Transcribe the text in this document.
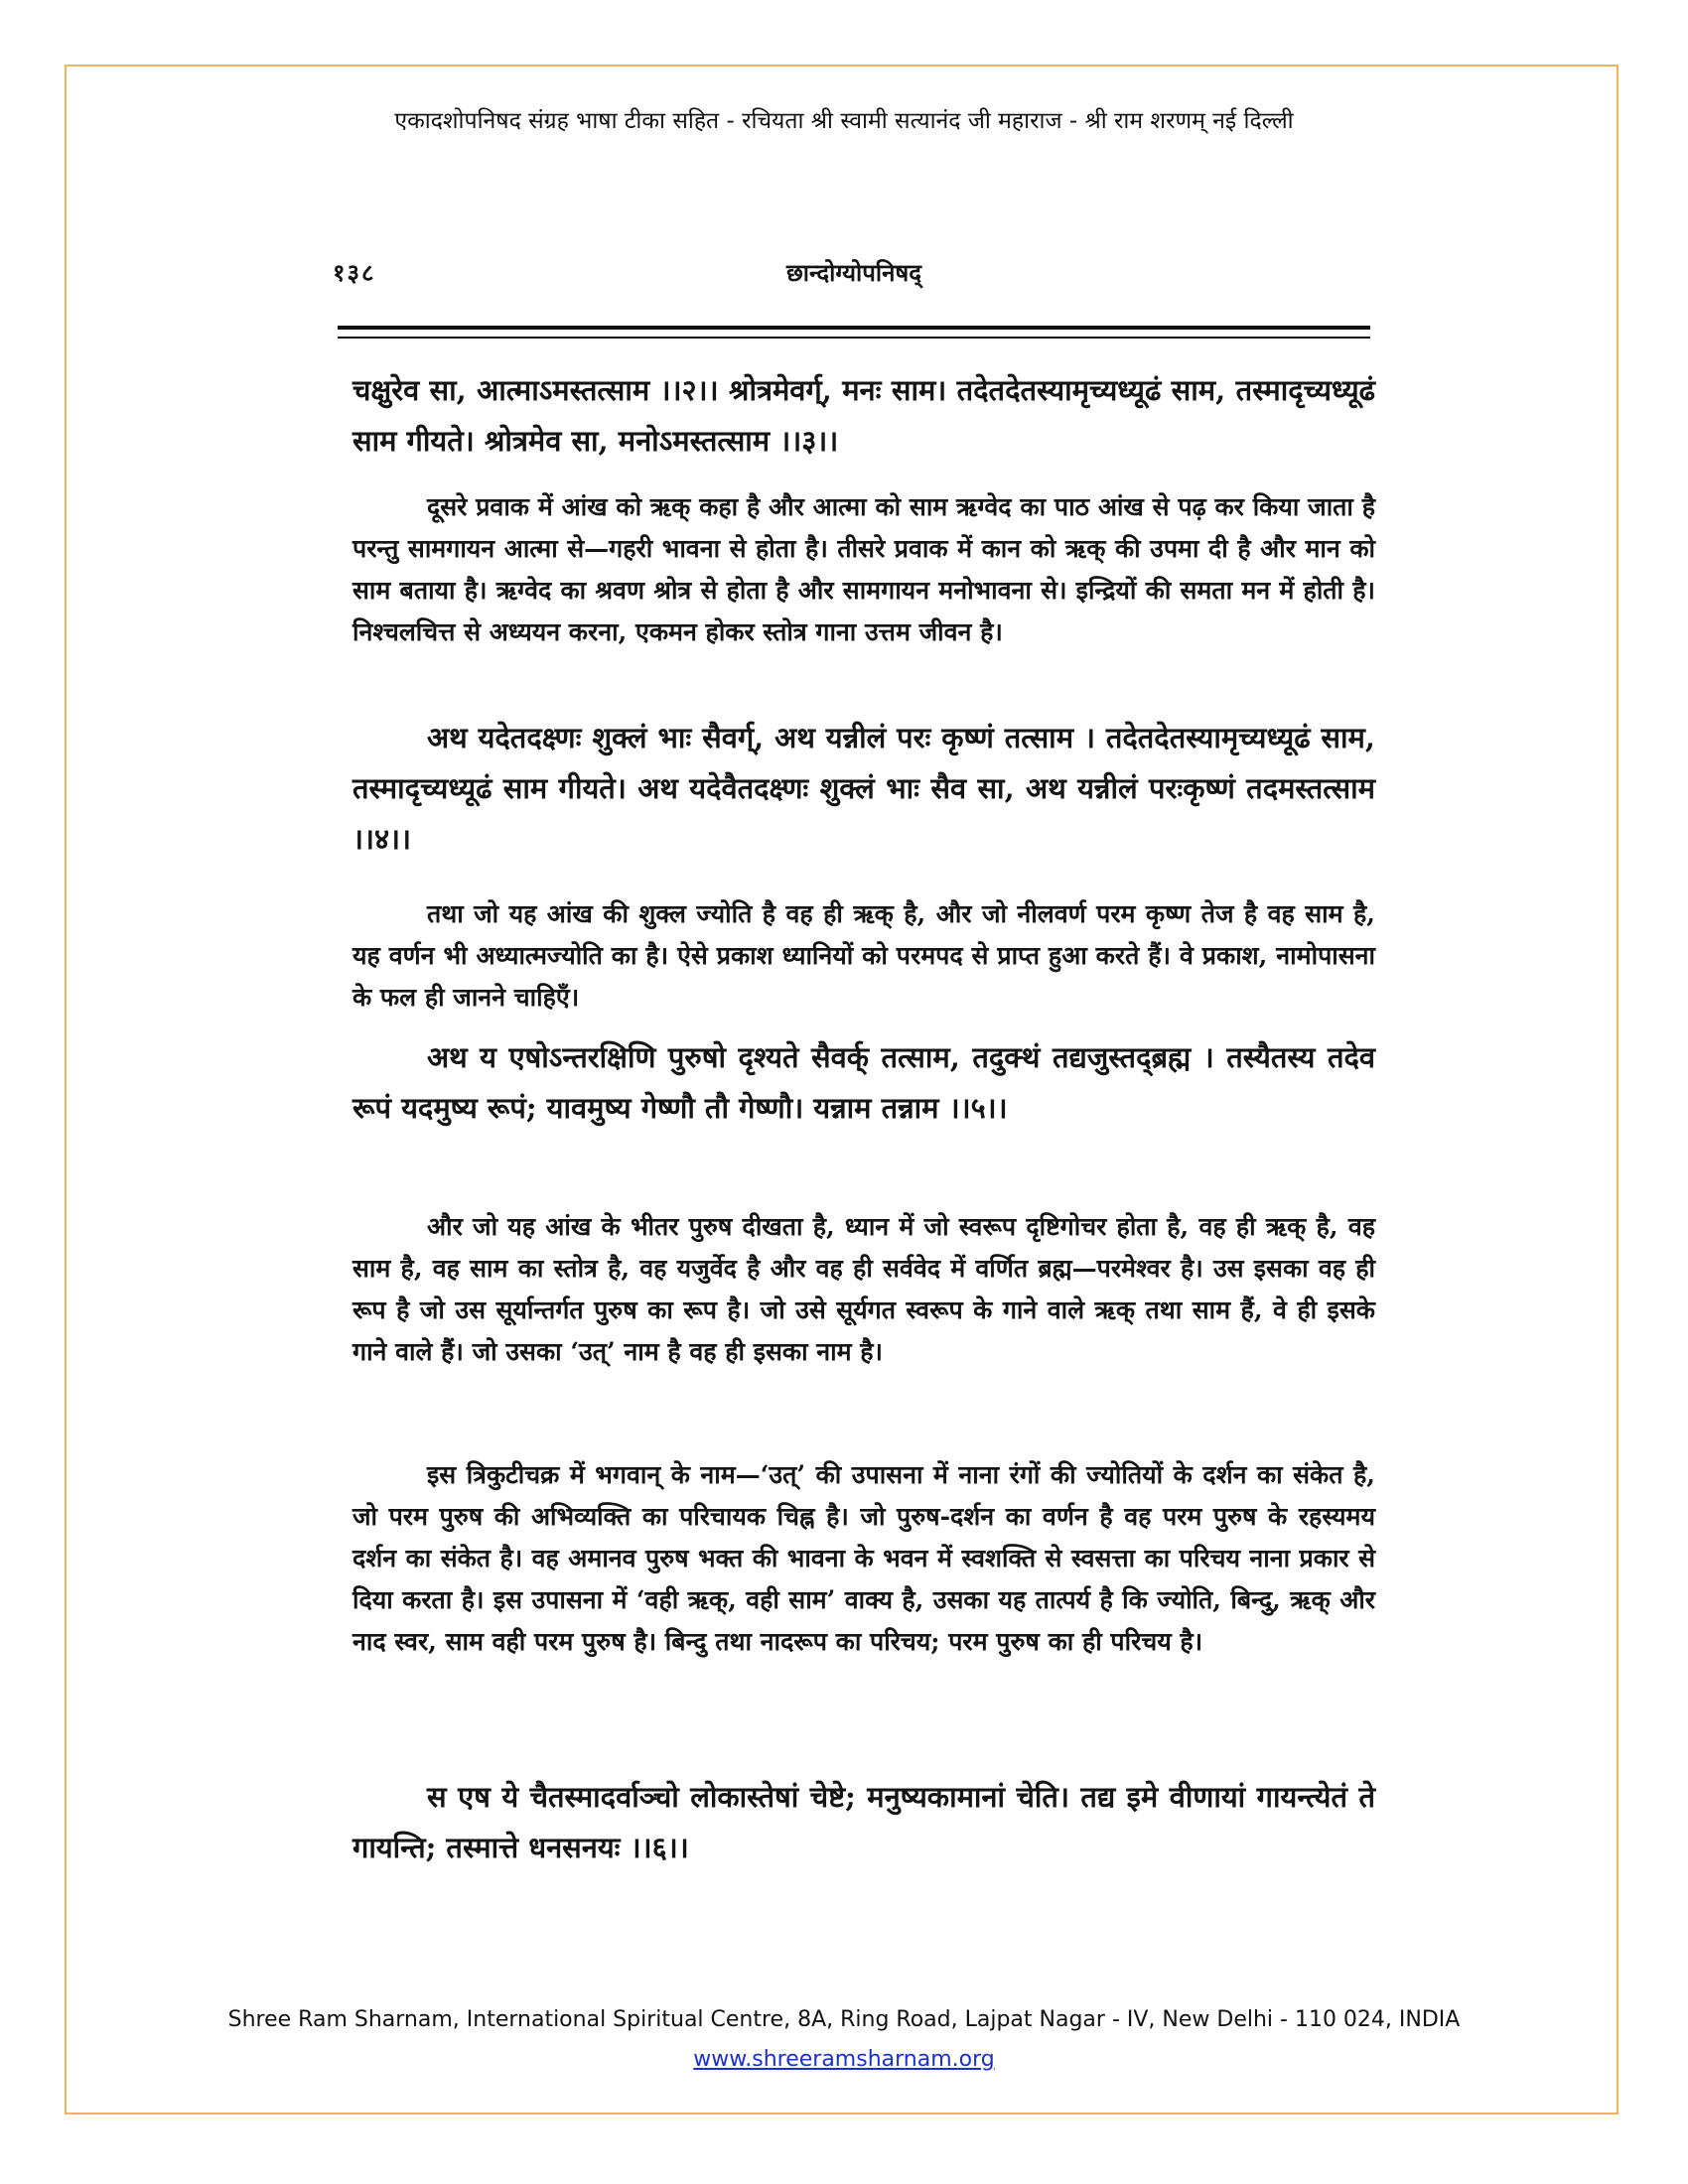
एकादशोपनिषद संग्रह भाषा टीका सहित - रचियता श्री स्वामी सत्यानंद जी महाराज - श्री राम शरणम् नई दिल्ली
१३८	छान्दोग्योपनिषद्

चक्षुरेव सा, आत्माऽमस्तत्साम ।।२।। श्रोत्रमेवर्ग्, मनः साम। तदेतदेतस्यामृच्यध्यूढं साम, तस्मादृच्यध्यूढं साम गीयते। श्रोत्रमेव सा, मनोऽमस्तत्साम ।।३।।

दूसरे प्रवाक में आंख को ऋक् कहा है और आत्मा को साम ऋग्वेद का पाठ आंख से पढ़ कर किया जाता है परन्तु सामगायन आत्मा से—गहरी भावना से होता है। तीसरे प्रवाक में कान को ऋक् की उपमा दी है और मान को साम बताया है। ऋग्वेद का श्रवण श्रोत्र से होता है और सामगायन मनोभावना से। इन्द्रियों की समता मन में होती है। निश्चलचित्त से अध्ययन करना, एकमन होकर स्तोत्र गाना उत्तम जीवन है।

अथ यदेतदक्ष्णः शुक्लं भाः सैवर्ग्, अथ यन्नीलं परः कृष्णं तत्साम । तदेतदेतस्यामृच्यध्यूढं साम, तस्मादृच्यध्यूढं साम गीयते। अथ यदेवैतदक्ष्णः शुक्लं भाः सैव सा, अथ यन्नीलं परःकृष्णं तदमस्तत्साम ।।४।।

तथा जो यह आंख की शुक्ल ज्योति है वह ही ऋक् है, और जो नीलवर्ण परम कृष्ण तेज है वह साम है, यह वर्णन भी अध्यात्मज्योति का है। ऐसे प्रकाश ध्यानियों को परमपद से प्राप्त हुआ करते हैं। वे प्रकाश, नामोपासना के फल ही जानने चाहिएँ।

अथ य एषोऽन्तरक्षिणि पुरुषो दृश्यते सैवर्क् तत्साम, तदुक्थं तद्यजुस्तद्ब्रह्म । तस्यैतस्य तदेव रूपं यदमुष्य रूपं; यावमुष्य गेष्णौ तौ गेष्णौ। यन्नाम तन्नाम ।।५।।

और जो यह आंख के भीतर पुरुष दीखता है, ध्यान में जो स्वरूप दृष्टिगोचर होता है, वह ही ऋक् है, वह साम है, वह साम का स्तोत्र है, वह यजुर्वेद है और वह ही सर्ववेद में वर्णित ब्रह्म—परमेश्वर है। उस इसका वह ही रूप है जो उस सूर्यान्तर्गत पुरुष का रूप है। जो उसे सूर्यगत स्वरूप के गाने वाले ऋक् तथा साम हैं, वे ही इसके गाने वाले हैं। जो उसका ‘उत्’ नाम है वह ही इसका नाम है।

इस त्रिकुटीचक्र में भगवान् के नाम—‘उत्’ की उपासना में नाना रंगों की ज्योतियों के दर्शन का संकेत है, जो परम पुरुष की अभिव्यक्ति का परिचायक चिह्न है। जो पुरुष-दर्शन का वर्णन है वह परम पुरुष के रहस्यमय दर्शन का संकेत है। वह अमानव पुरुष भक्त की भावना के भवन में स्वशक्ति से स्वसत्ता का परिचय नाना प्रकार से दिया करता है। इस उपासना में ‘वही ऋक्, वही साम’ वाक्य है, उसका यह तात्पर्य है कि ज्योति, बिन्दु, ऋक् और नाद स्वर, साम वही परम पुरुष है। बिन्दु तथा नादरूप का परिचय; परम पुरुष का ही परिचय है।

स एष ये चैतस्मादर्वाञ्चो लोकास्तेषां चेष्टे; मनुष्यकामानां चेति। तद्य इमे वीणायां गायन्त्येतं ते गायन्ति; तस्मात्ते धनसनयः ।।६।।

Shree Ram Sharnam, International Spiritual Centre, 8A, Ring Road, Lajpat Nagar - IV, New Delhi - 110 024, INDIA
www.shreeramsharnam.org
